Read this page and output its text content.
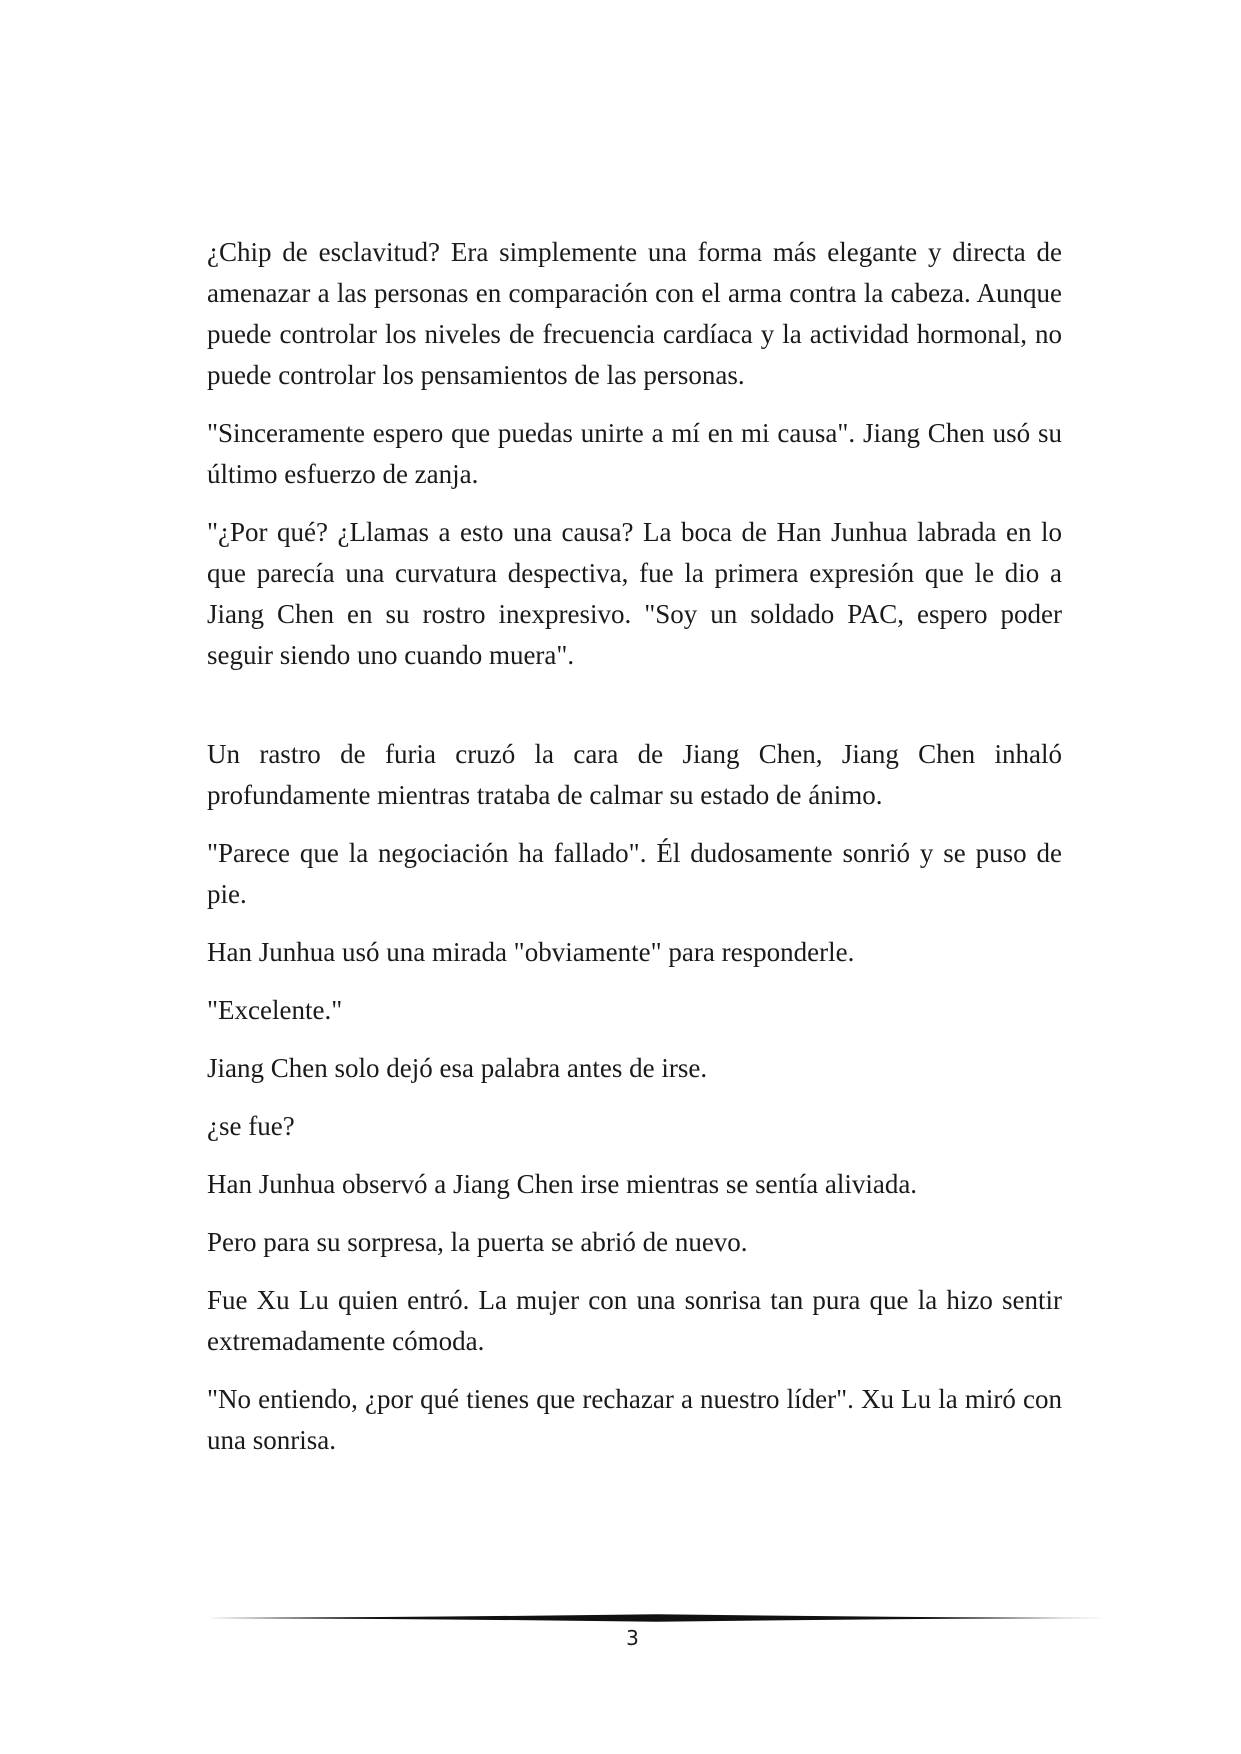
¿Chip de esclavitud? Era simplemente una forma más elegante y directa de amenazar a las personas en comparación con el arma contra la cabeza. Aunque puede controlar los niveles de frecuencia cardíaca y la actividad hormonal, no puede controlar los pensamientos de las personas.

"Sinceramente espero que puedas unirte a mí en mi causa". Jiang Chen usó su último esfuerzo de zanja.

"¿Por qué? ¿Llamas a esto una causa? La boca de Han Junhua labrada en lo que parecía una curvatura despectiva, fue la primera expresión que le dio a Jiang Chen en su rostro inexpresivo. "Soy un soldado PAC, espero poder seguir siendo uno cuando muera".

Un rastro de furia cruzó la cara de Jiang Chen, Jiang Chen inhaló profundamente mientras trataba de calmar su estado de ánimo.

"Parece que la negociación ha fallado". Él dudosamente sonrió y se puso de pie.

Han Junhua usó una mirada "obviamente" para responderle.

"Excelente."

Jiang Chen solo dejó esa palabra antes de irse.

¿se fue?

Han Junhua observó a Jiang Chen irse mientras se sentía aliviada.

Pero para su sorpresa, la puerta se abrió de nuevo.

Fue Xu Lu quien entró. La mujer con una sonrisa tan pura que la hizo sentir extremadamente cómoda.

"No entiendo, ¿por qué tienes que rechazar a nuestro líder". Xu Lu la miró con una sonrisa.

3
